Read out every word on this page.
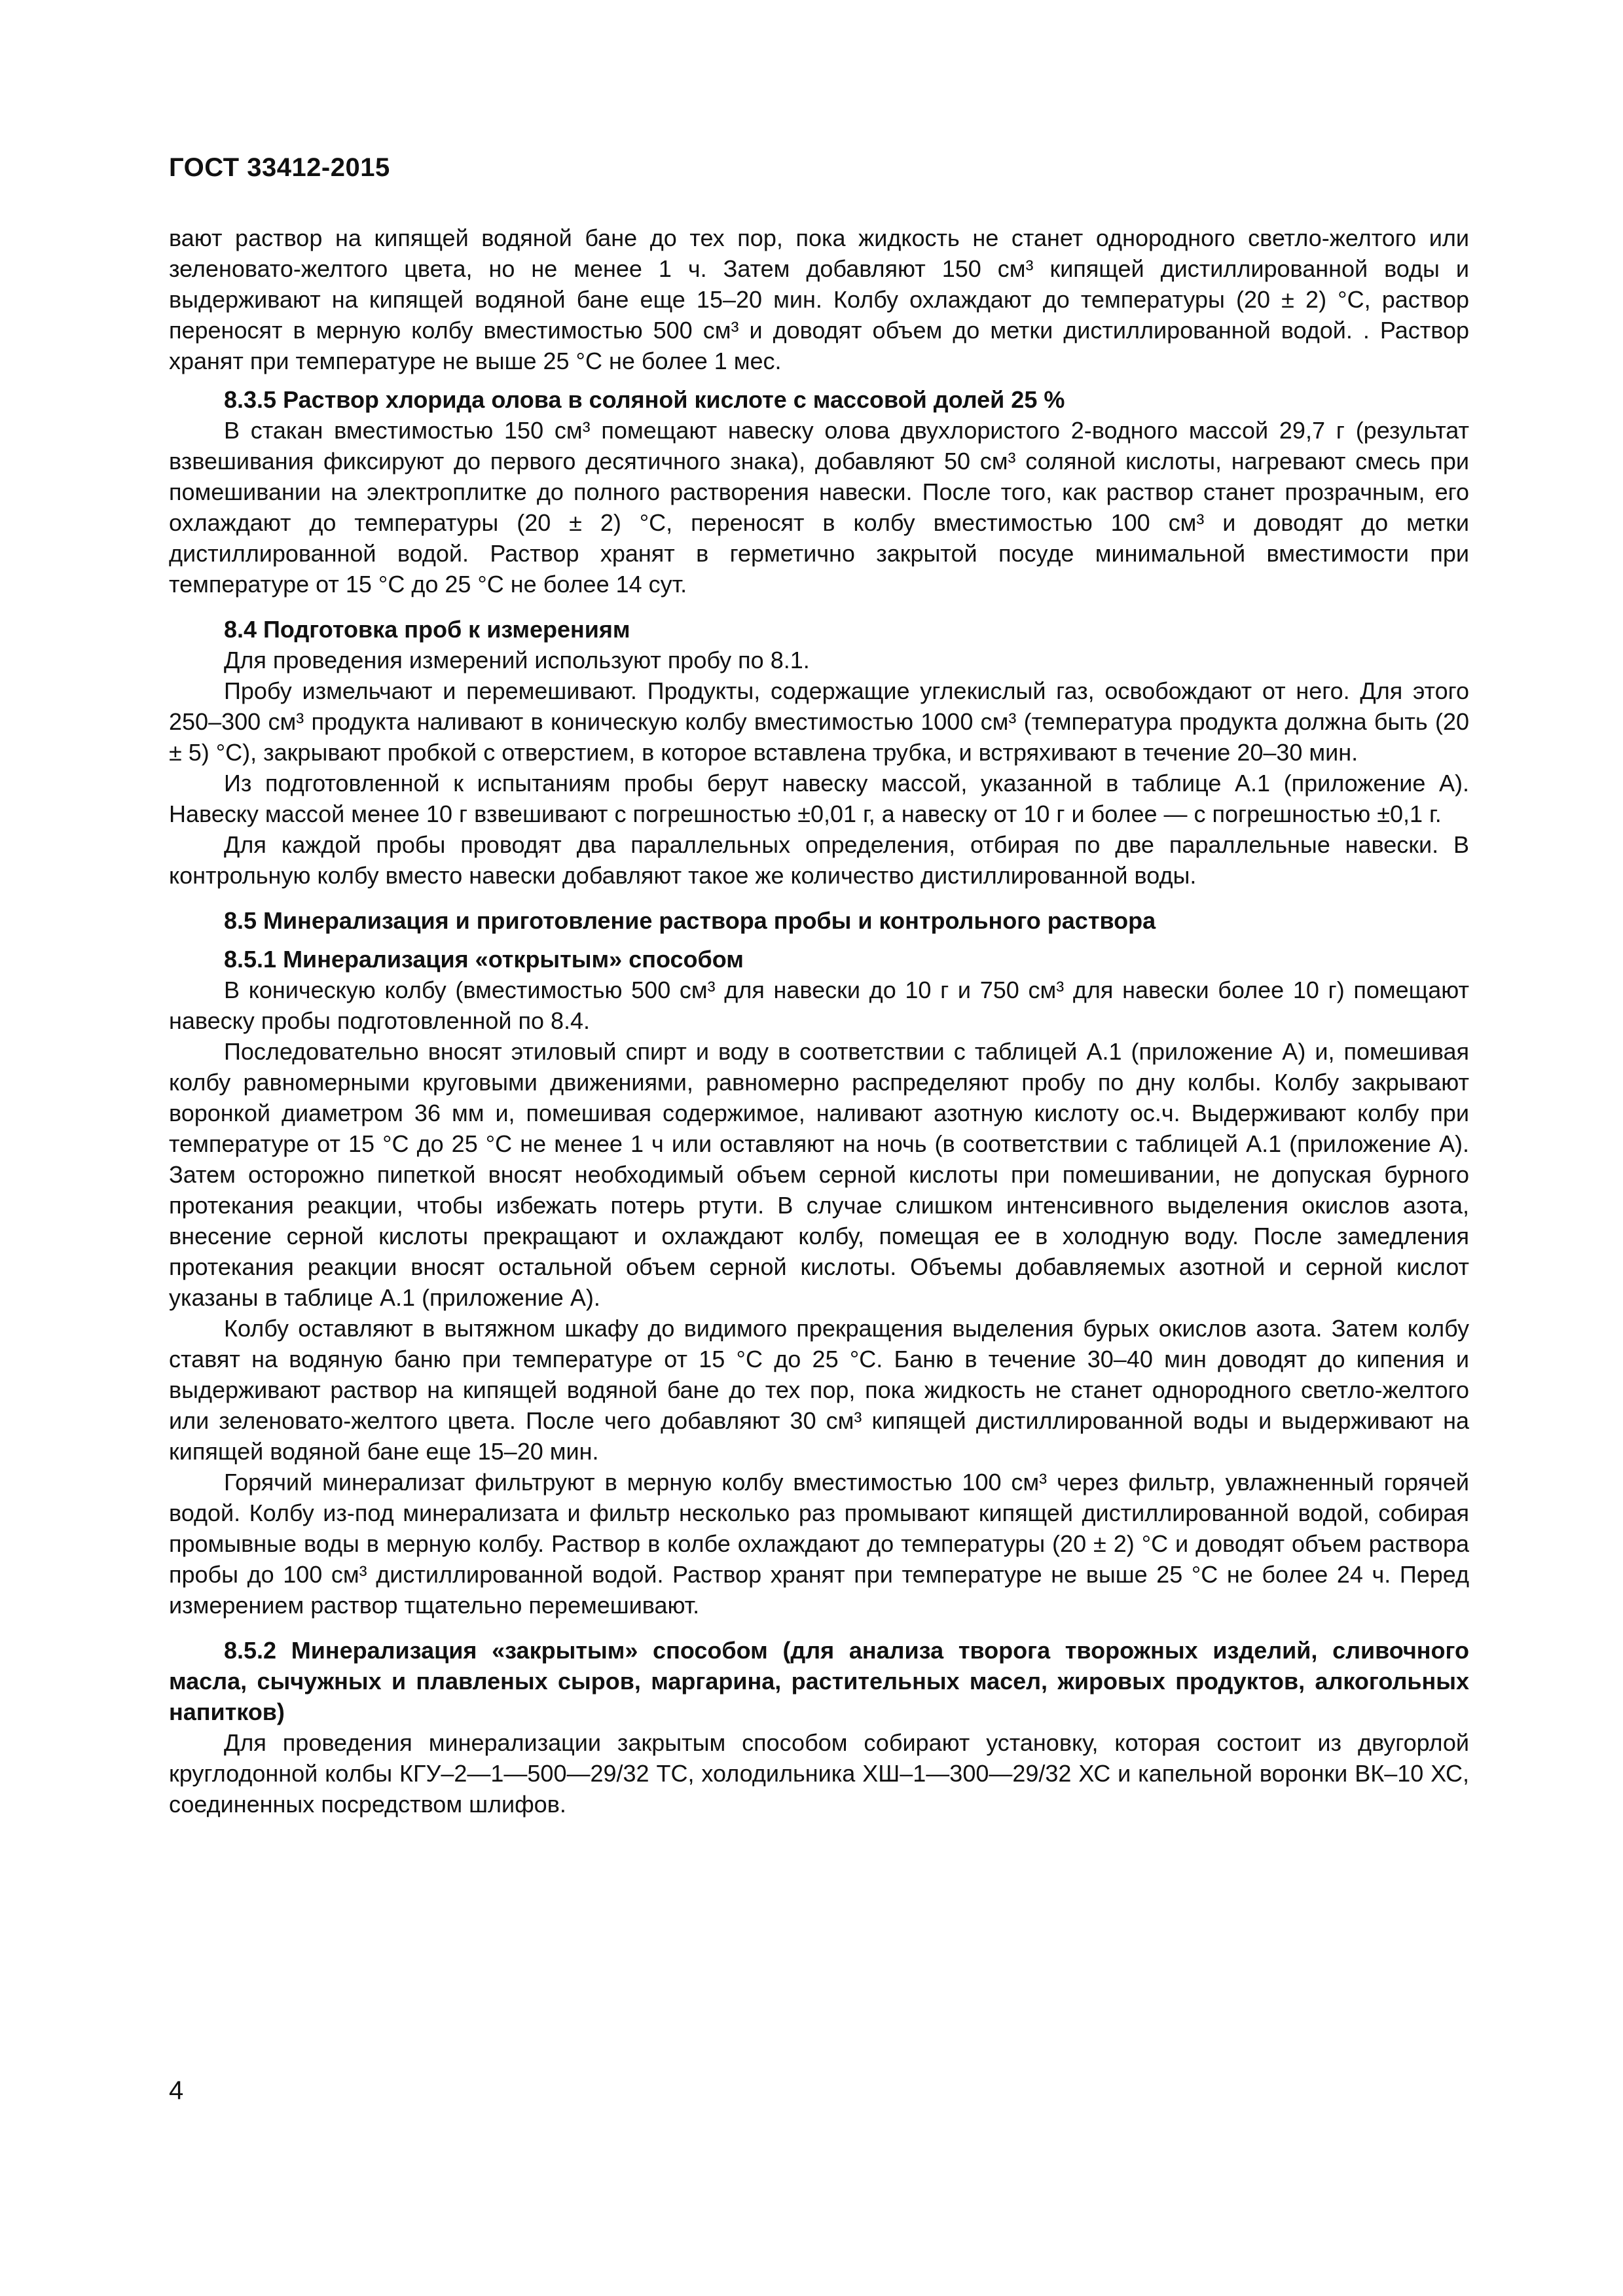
ГОСТ 33412-2015

вают раствор на кипящей водяной бане до тех пор, пока жидкость не станет однородного светло-желтого или зеленовато-желтого цвета, но не менее 1 ч. Затем добавляют 150 см³ кипящей дистиллированной воды и выдерживают на кипящей водяной бане еще 15–20 мин. Колбу охлаждают до температуры (20 ± 2) °С, раствор переносят в мерную колбу вместимостью 500 см³ и доводят объем до метки дистиллированной водой. . Раствор хранят при температуре не выше 25 °С не более 1 мес.

8.3.5 Раствор хлорида олова в соляной кислоте с массовой долей 25 %

В стакан вместимостью 150 см³ помещают навеску олова двухлористого 2-водного массой 29,7 г (результат взвешивания фиксируют до первого десятичного знака), добавляют 50 см³ соляной кислоты, нагревают смесь при помешивании на электроплитке до полного растворения навески. После того, как раствор станет прозрачным, его охлаждают до температуры (20 ± 2) °С, переносят в колбу вместимостью 100 см³ и доводят до метки дистиллированной водой. Раствор хранят в герметично закрытой посуде минимальной вместимости при температуре от 15 °С до 25 °С не более 14 сут.

8.4 Подготовка проб к измерениям

Для проведения измерений используют пробу по 8.1.

Пробу измельчают и перемешивают. Продукты, содержащие углекислый газ, освобождают от него. Для этого 250–300 см³ продукта наливают в коническую колбу вместимостью 1000 см³ (температура продукта должна быть (20 ± 5) °С), закрывают пробкой с отверстием, в которое вставлена трубка, и встряхивают в течение 20–30 мин.

Из подготовленной к испытаниям пробы берут навеску массой, указанной в таблице А.1 (приложение А). Навеску массой менее 10 г взвешивают с погрешностью ±0,01 г, а навеску от 10 г и более — с погрешностью ±0,1 г.

Для каждой пробы проводят два параллельных определения, отбирая по две параллельные навески. В контрольную колбу вместо навески добавляют такое же количество дистиллированной воды.

8.5 Минерализация и приготовление раствора пробы и контрольного раствора
8.5.1 Минерализация «открытым» способом

В коническую колбу (вместимостью 500 см³ для навески до 10 г и 750 см³ для навески более 10 г) помещают навеску пробы подготовленной по 8.4.

Последовательно вносят этиловый спирт и воду в соответствии с таблицей А.1 (приложение А) и, помешивая колбу равномерными круговыми движениями, равномерно распределяют пробу по дну колбы. Колбу закрывают воронкой диаметром 36 мм и, помешивая содержимое, наливают азотную кислоту ос.ч. Выдерживают колбу при температуре от 15 °С до 25 °С не менее 1 ч или оставляют на ночь (в соответствии с таблицей А.1 (приложение А). Затем осторожно пипеткой вносят необходимый объем серной кислоты при помешивании, не допуская бурного протекания реакции, чтобы избежать потерь ртути. В случае слишком интенсивного выделения окислов азота, внесение серной кислоты прекращают и охлаждают колбу, помещая ее в холодную воду. После замедления протекания реакции вносят остальной объем серной кислоты. Объемы добавляемых азотной и серной кислот указаны в таблице А.1 (приложение А).

Колбу оставляют в вытяжном шкафу до видимого прекращения выделения бурых окислов азота. Затем колбу ставят на водяную баню при температуре от 15 °С до 25 °С. Баню в течение 30–40 мин доводят до кипения и выдерживают раствор на кипящей водяной бане до тех пор, пока жидкость не станет однородного светло-желтого или зеленовато-желтого цвета. После чего добавляют 30 см³ кипящей дистиллированной воды и выдерживают на кипящей водяной бане еще 15–20 мин.

Горячий минерализат фильтруют в мерную колбу вместимостью 100 см³ через фильтр, увлажненный горячей водой. Колбу из-под минерализата и фильтр несколько раз промывают кипящей дистиллированной водой, собирая промывные воды в мерную колбу. Раствор в колбе охлаждают до температуры (20 ± 2) °С и доводят объем раствора пробы до 100 см³ дистиллированной водой. Раствор хранят при температуре не выше 25 °С не более 24 ч. Перед измерением раствор тщательно перемешивают.

8.5.2 Минерализация «закрытым» способом (для анализа творога творожных изделий, сливочного масла, сычужных и плавленых сыров, маргарина, растительных масел, жировых продуктов, алкогольных напитков)

Для проведения минерализации закрытым способом собирают установку, которая состоит из двугорлой круглодонной колбы КГУ–2—1—500—29/32 ТС, холодильника ХШ–1—300—29/32 ХС и капельной воронки ВК–10 ХС, соединенных посредством шлифов.

4
